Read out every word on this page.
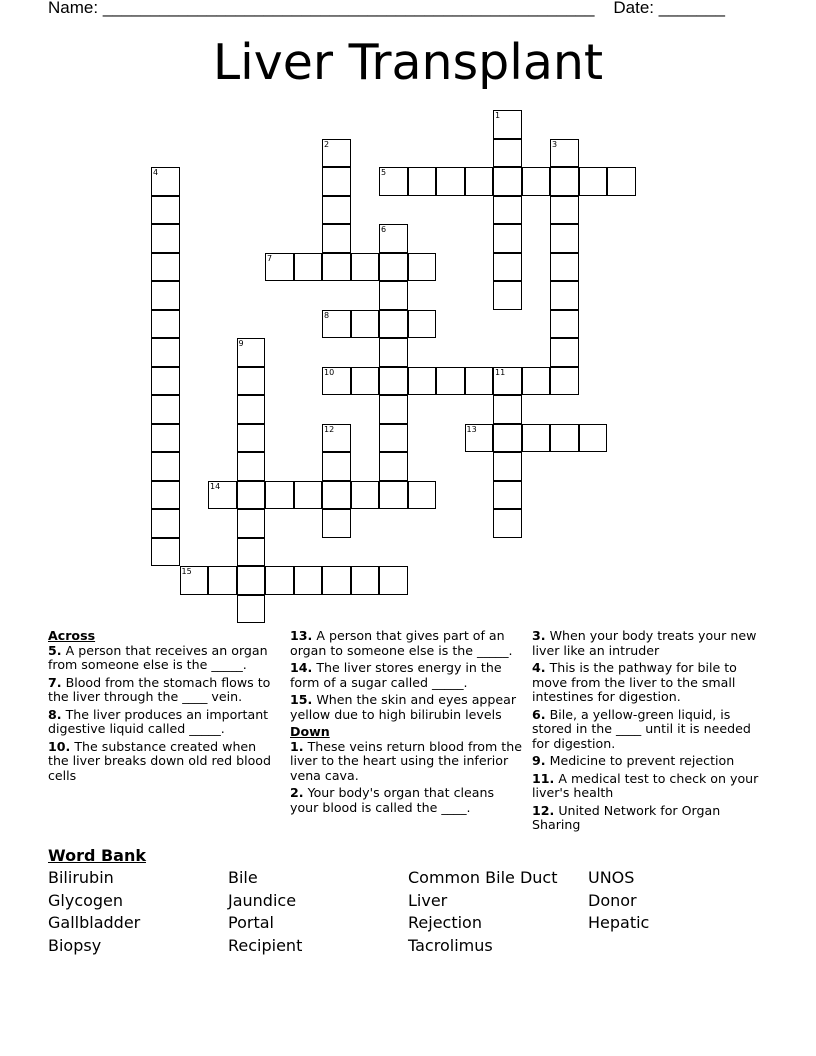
Name: ____________________________________________________ Date: _______
Liver Transplant
1
2	3
4	5
6
7
8
9
10	11
12	13
14
15
Across
5. A person that receives an organ from someone else is the _____.
7. Blood from the stomach flows to the liver through the ____ vein.
8. The liver produces an important digestive liquid called _____.
10. The substance created when the liver breaks down old red blood cells
13. A person that gives part of an organ to someone else is the _____.
14. The liver stores energy in the form of a sugar called _____.
15. When the skin and eyes appear yellow due to high bilirubin levels
Down
1. These veins return blood from the liver to the heart using the inferior vena cava.
2. Your body's organ that cleans your blood is called the ____.
3. When your body treats your new liver like an intruder
4. This is the pathway for bile to move from the liver to the small intestines for digestion.
6. Bile, a yellow-green liquid, is stored in the ____ until it is needed for digestion.
9. Medicine to prevent rejection
11. A medical test to check on your liver's health
12. United Network for Organ Sharing
Word Bank
Bilirubin
Glycogen
Gallbladder
Biopsy
Bile
Jaundice
Portal
Recipient
Common Bile Duct
Liver
Rejection
Tacrolimus
UNOS
Donor
Hepatic
